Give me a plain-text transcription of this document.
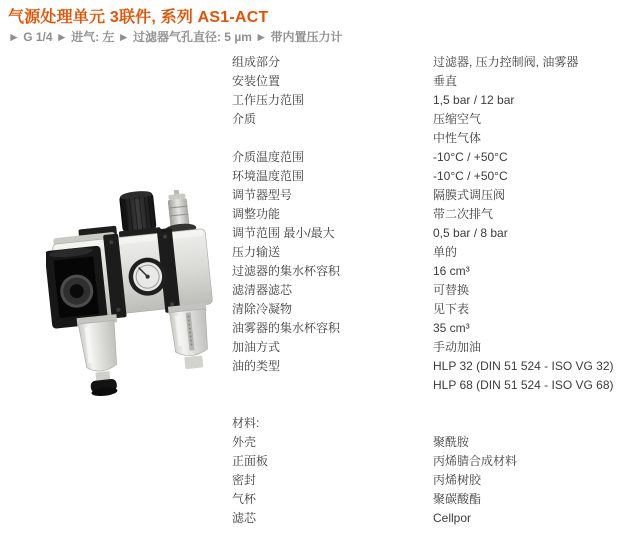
气源处理单元 3联件, 系列 AS1-ACT
► G 1/4 ► 进气: 左 ► 过滤器气孔直径: 5 µm ► 带内置压力计
组成部分	过滤器, 压力控制阀, 油雾器
安装位置	垂直
工作压力范围	1,5 bar / 12 bar
介质	压缩空气
中性气体
介质温度范围	-10°C / +50°C
环境温度范围	-10°C / +50°C
调节器型号	隔膜式调压阀
调整功能	带二次排气
调节范围 最小/最大	0,5 bar / 8 bar
压力输送	单的
过滤器的集水杯容积	16 cm³
滤清器滤芯	可替换
清除冷凝物	见下表
油雾器的集水杯容积	35 cm³
加油方式	手动加油
油的类型	HLP 32 (DIN 51 524 - ISO VG 32)
HLP 68 (DIN 51 524 - ISO VG 68)
材料:
外壳	聚酰胺
正面板	丙烯腈合成材料
密封	丙烯树胶
气杯	聚碳酸酯
滤芯	Cellpor
